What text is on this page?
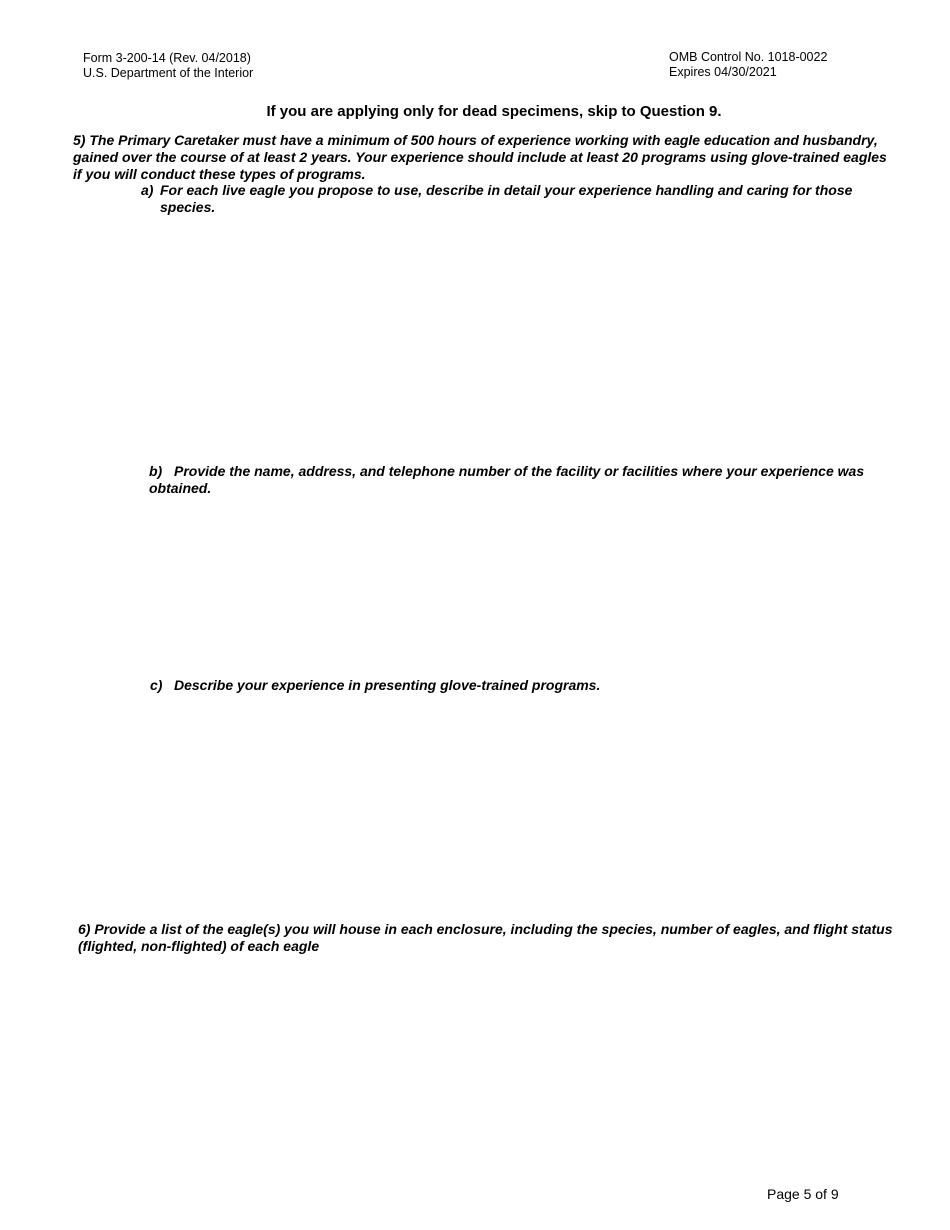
Form 3-200-14 (Rev. 04/2018)
U.S. Department of the Interior
OMB Control No. 1018-0022
Expires 04/30/2021
If you are applying only for dead specimens, skip to Question 9.
5) The Primary Caretaker must have a minimum of 500 hours of experience working with eagle education and husbandry, gained over the course of at least 2 years. Your experience should include at least 20 programs using glove-trained eagles if you will conduct these types of programs.
a) For each live eagle you propose to use, describe in detail your experience handling and caring for those species.
b) Provide the name, address, and telephone number of the facility or facilities where your experience was obtained.
c) Describe your experience in presenting glove-trained programs.
6) Provide a list of the eagle(s) you will house in each enclosure, including the species, number of eagles, and flight status (flighted, non-flighted) of each eagle
Page 5 of 9
